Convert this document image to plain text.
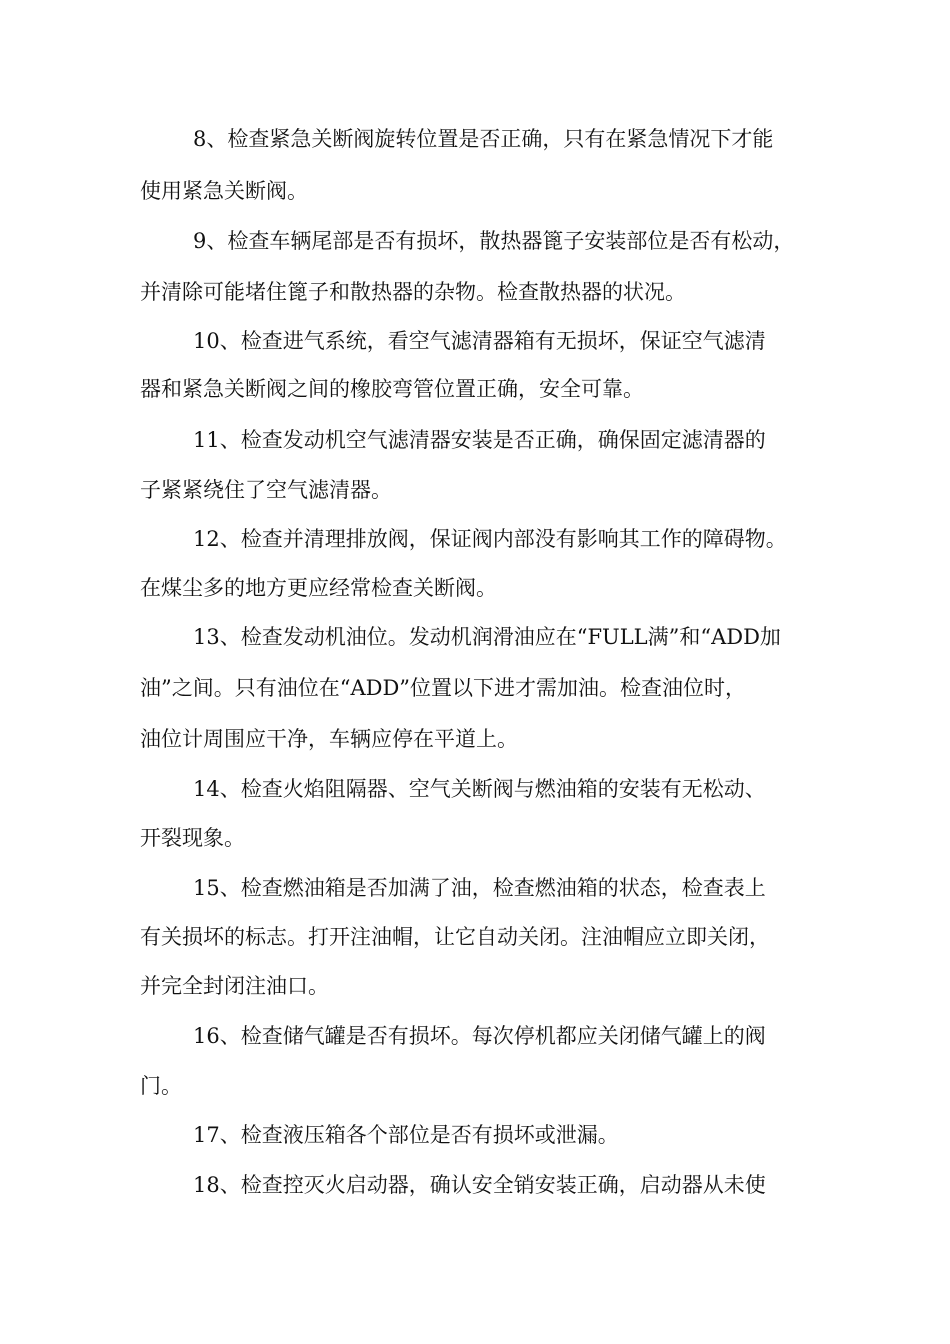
8、检查紧急关断阀旋转位置是否正确，只有在紧急情况下才能
使用紧急关断阀。
9、检查车辆尾部是否有损坏，散热器篦子安装部位是否有松动，
并清除可能堵住篦子和散热器的杂物。检查散热器的状况。
10、检查进气系统，看空气滤清器箱有无损坏，保证空气滤清
器和紧急关断阀之间的橡胶弯管位置正确，安全可靠。
11、检查发动机空气滤清器安装是否正确，确保固定滤清器的
子紧紧绕住了空气滤清器。
12、检查并清理排放阀，保证阀内部没有影响其工作的障碍物。
在煤尘多的地方更应经常检查关断阀。
13、检查发动机油位。发动机润滑油应在“FULL满”和“ADD加
油”之间。只有油位在“ADD”位置以下进才需加油。检查油位时，
油位计周围应干净，车辆应停在平道上。
14、检查火焰阻隔器、空气关断阀与燃油箱的安装有无松动、
开裂现象。
15、检查燃油箱是否加满了油，检查燃油箱的状态，检查表上
有关损坏的标志。打开注油帽，让它自动关闭。注油帽应立即关闭，
并完全封闭注油口。
16、检查储气罐是否有损坏。每次停机都应关闭储气罐上的阀
门。
17、检查液压箱各个部位是否有损坏或泄漏。
18、检查控灭火启动器，确认安全销安装正确，启动器从未使
